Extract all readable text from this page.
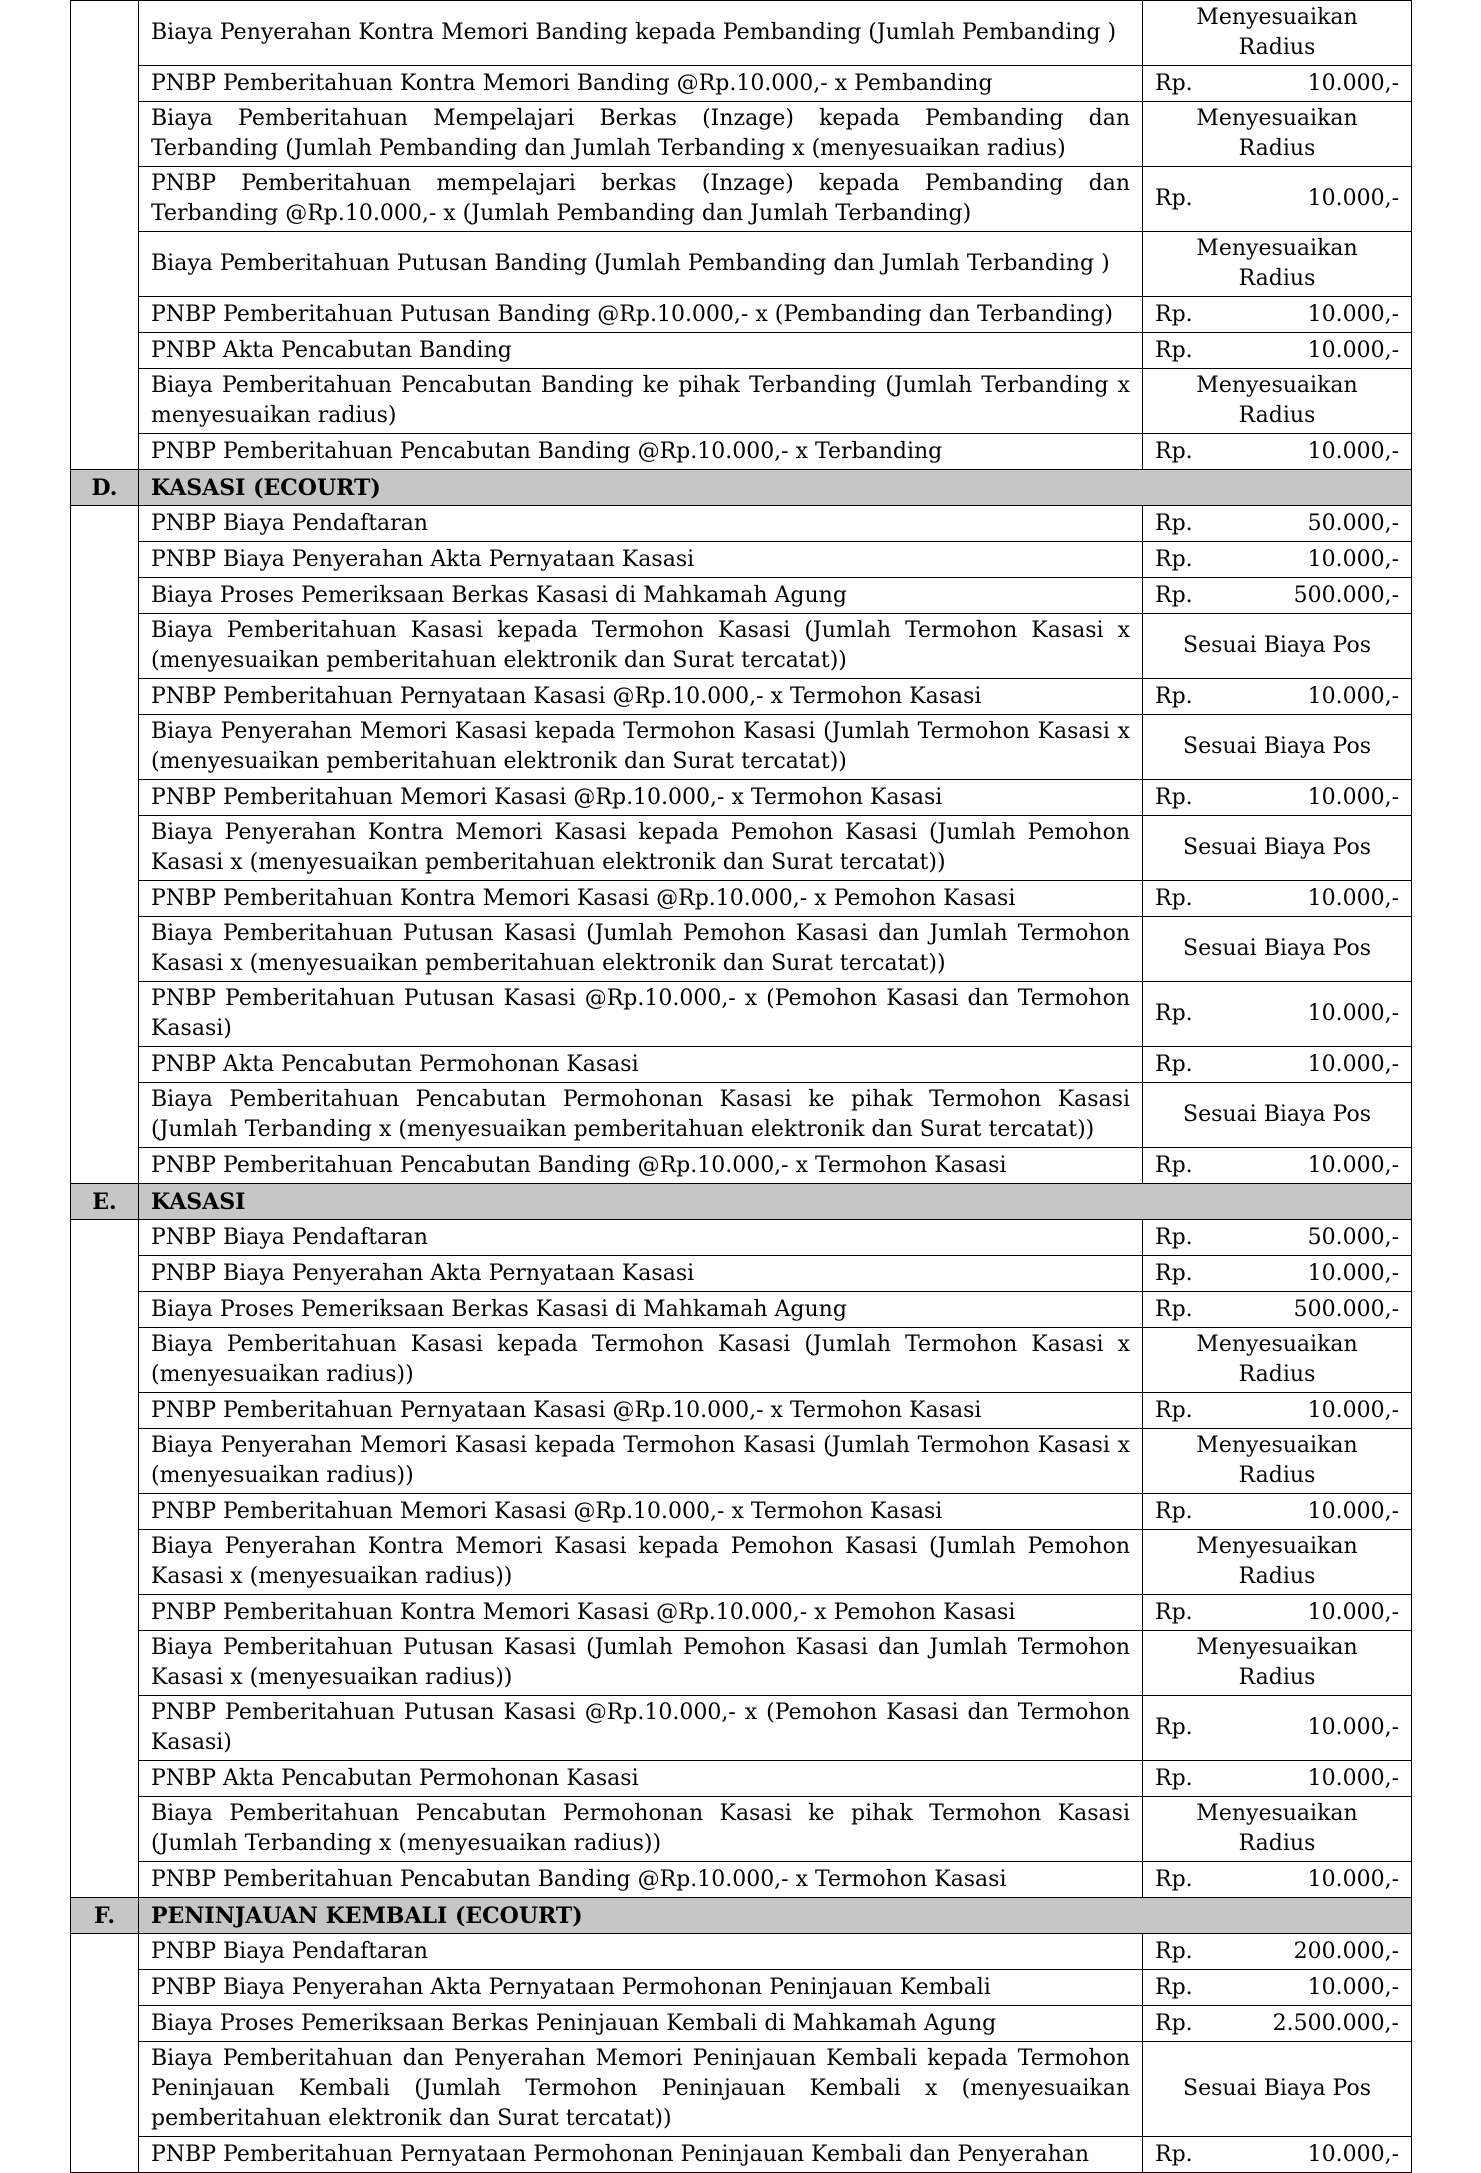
	Biaya Penyerahan Kontra Memori Banding kepada Pembanding (Jumlah Pembanding )	Menyesuaikan Radius
	PNBP Pemberitahuan Kontra Memori Banding @Rp.10.000,- x Pembanding	Rp. 10.000,-

	Biaya Pemberitahuan Mempelajari Berkas (Inzage) kepada Pembanding dan Terbanding (Jumlah Pembanding dan Jumlah Terbanding x (menyesuaikan radius)	Menyesuaikan Radius
	PNBP Pemberitahuan mempelajari berkas (Inzage) kepada Pembanding dan Terbanding @Rp.10.000,- x (Jumlah Pembanding dan Jumlah Terbanding)	Rp. 10.000,-

	Biaya Pemberitahuan Putusan Banding (Jumlah Pembanding dan Jumlah Terbanding )	Menyesuaikan Radius
	PNBP Pemberitahuan Putusan Banding @Rp.10.000,- x (Pembanding dan Terbanding)	Rp. 10.000,-

	PNBP Akta Pencabutan Banding	Rp. 10.000,-

	Biaya Pemberitahuan Pencabutan Banding ke pihak Terbanding (Jumlah Terbanding x menyesuaikan radius)	Menyesuaikan Radius
	PNBP Pemberitahuan Pencabutan Banding @Rp.10.000,- x Terbanding	Rp. 10.000,-

D.	KASASI (ECOURT)	
	PNBP Biaya Pendaftaran	Rp. 50.000,-

	PNBP Biaya Penyerahan Akta Pernyataan Kasasi	Rp. 10.000,-

	Biaya Proses Pemeriksaan Berkas Kasasi di Mahkamah Agung	Rp. 500.000,-

	Biaya Pemberitahuan Kasasi kepada Termohon Kasasi (Jumlah Termohon Kasasi x (menyesuaikan pemberitahuan elektronik dan Surat tercatat))	Sesuai Biaya Pos
	PNBP Pemberitahuan Pernyataan Kasasi @Rp.10.000,- x Termohon Kasasi	Rp. 10.000,-

	Biaya Penyerahan Memori Kasasi kepada Termohon Kasasi (Jumlah Termohon Kasasi x (menyesuaikan pemberitahuan elektronik dan Surat tercatat))	Sesuai Biaya Pos
	PNBP Pemberitahuan Memori Kasasi @Rp.10.000,- x Termohon Kasasi	Rp. 10.000,-

	Biaya Penyerahan Kontra Memori Kasasi kepada Pemohon Kasasi (Jumlah Pemohon Kasasi x (menyesuaikan pemberitahuan elektronik dan Surat tercatat))	Sesuai Biaya Pos
	PNBP Pemberitahuan Kontra Memori Kasasi @Rp.10.000,- x Pemohon Kasasi	Rp. 10.000,-

	Biaya Pemberitahuan Putusan Kasasi (Jumlah Pemohon Kasasi dan Jumlah Termohon Kasasi x (menyesuaikan pemberitahuan elektronik dan Surat tercatat))	Sesuai Biaya Pos
	PNBP Pemberitahuan Putusan Kasasi @Rp.10.000,- x (Pemohon Kasasi dan Termohon Kasasi)	Rp. 10.000,-

	PNBP Akta Pencabutan Permohonan Kasasi	Rp. 10.000,-

	Biaya Pemberitahuan Pencabutan Permohonan Kasasi ke pihak Termohon Kasasi (Jumlah Terbanding x (menyesuaikan pemberitahuan elektronik dan Surat tercatat))	Sesuai Biaya Pos
	PNBP Pemberitahuan Pencabutan Banding @Rp.10.000,- x Termohon Kasasi	Rp. 10.000,-

E.	KASASI	
	PNBP Biaya Pendaftaran	Rp. 50.000,-

	PNBP Biaya Penyerahan Akta Pernyataan Kasasi	Rp. 10.000,-

	Biaya Proses Pemeriksaan Berkas Kasasi di Mahkamah Agung	Rp. 500.000,-

	Biaya Pemberitahuan Kasasi kepada Termohon Kasasi (Jumlah Termohon Kasasi x (menyesuaikan radius))	Menyesuaikan Radius
	PNBP Pemberitahuan Pernyataan Kasasi @Rp.10.000,- x Termohon Kasasi	Rp. 10.000,-

	Biaya Penyerahan Memori Kasasi kepada Termohon Kasasi (Jumlah Termohon Kasasi x (menyesuaikan radius))	Menyesuaikan Radius
	PNBP Pemberitahuan Memori Kasasi @Rp.10.000,- x Termohon Kasasi	Rp. 10.000,-

	Biaya Penyerahan Kontra Memori Kasasi kepada Pemohon Kasasi (Jumlah Pemohon Kasasi x (menyesuaikan radius))	Menyesuaikan Radius
	PNBP Pemberitahuan Kontra Memori Kasasi @Rp.10.000,- x Pemohon Kasasi	Rp. 10.000,-

	Biaya Pemberitahuan Putusan Kasasi (Jumlah Pemohon Kasasi dan Jumlah Termohon Kasasi x (menyesuaikan radius))	Menyesuaikan Radius
	PNBP Pemberitahuan Putusan Kasasi @Rp.10.000,- x (Pemohon Kasasi dan Termohon Kasasi)	Rp. 10.000,-

	PNBP Akta Pencabutan Permohonan Kasasi	Rp. 10.000,-

	Biaya Pemberitahuan Pencabutan Permohonan Kasasi ke pihak Termohon Kasasi (Jumlah Terbanding x (menyesuaikan radius))	Menyesuaikan Radius
	PNBP Pemberitahuan Pencabutan Banding @Rp.10.000,- x Termohon Kasasi	Rp. 10.000,-

F.	PENINJAUAN KEMBALI (ECOURT)	
	PNBP Biaya Pendaftaran	Rp. 200.000,-

	PNBP Biaya Penyerahan Akta Pernyataan Permohonan Peninjauan Kembali	Rp. 10.000,-

	Biaya Proses Pemeriksaan Berkas Peninjauan Kembali di Mahkamah Agung	Rp. 2.500.000,-

	Biaya Pemberitahuan dan Penyerahan Memori Peninjauan Kembali kepada Termohon Peninjauan Kembali (Jumlah Termohon Peninjauan Kembali x (menyesuaikan pemberitahuan elektronik dan Surat tercatat))	Sesuai Biaya Pos
	PNBP Pemberitahuan Pernyataan Permohonan Peninjauan Kembali dan Penyerahan	Rp. 10.000,-
